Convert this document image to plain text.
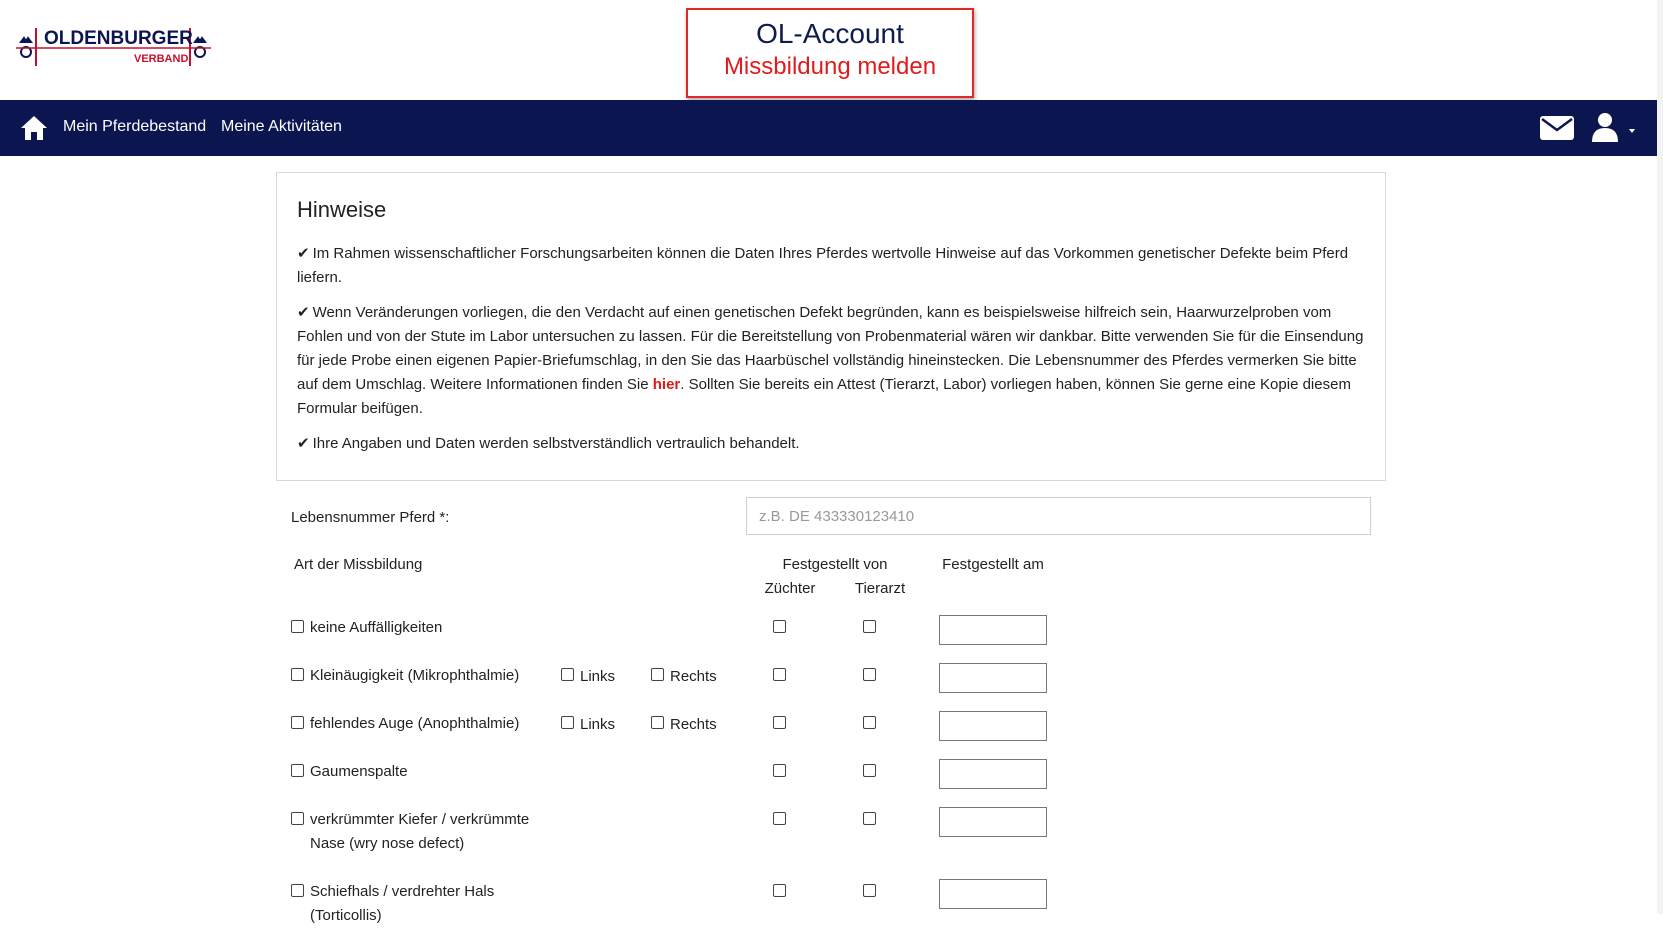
OLDENBURGER
VERBAND
OL-Account
Missbildung melden
Mein Pferdebestand Meine Aktivitäten
Hinweise
✔ Im Rahmen wissenschaftlicher Forschungsarbeiten können die Daten Ihres Pferdes wertvolle Hinweise auf das Vorkommen genetischer Defekte beim Pferd liefern.
✔ Wenn Veränderungen vorliegen, die den Verdacht auf einen genetischen Defekt begründen, kann es beispielsweise hilfreich sein, Haarwurzelproben vom Fohlen und von der Stute im Labor untersuchen zu lassen. Für die Bereitstellung von Probenmaterial wären wir dankbar. Bitte verwenden Sie für die Einsendung für jede Probe einen eigenen Papier-Briefumschlag, in den Sie das Haarbüschel vollständig hineinstecken. Die Lebensnummer des Pferdes vermerken Sie bitte auf dem Umschlag. Weitere Informationen finden Sie hier. Sollten Sie bereits ein Attest (Tierarzt, Labor) vorliegen haben, können Sie gerne eine Kopie diesem Formular beifügen.
✔ Ihre Angaben und Daten werden selbstverständlich vertraulich behandelt.
Lebensnummer Pferd *:
z.B. DE 433330123410
Art der Missbildung	Festgestellt von
Züchter	Tierarzt
Festgestellt am
keine Auffälligkeiten
Kleinäugigkeit (Mikrophthalmie)	Links	Rechts
fehlendes Auge (Anophthalmie)	Links	Rechts
Gaumenspalte
verkrümmter Kiefer / verkrümmte
Nase (wry nose defect)
Schiefhals / verdrehter Hals
(Torticollis)
